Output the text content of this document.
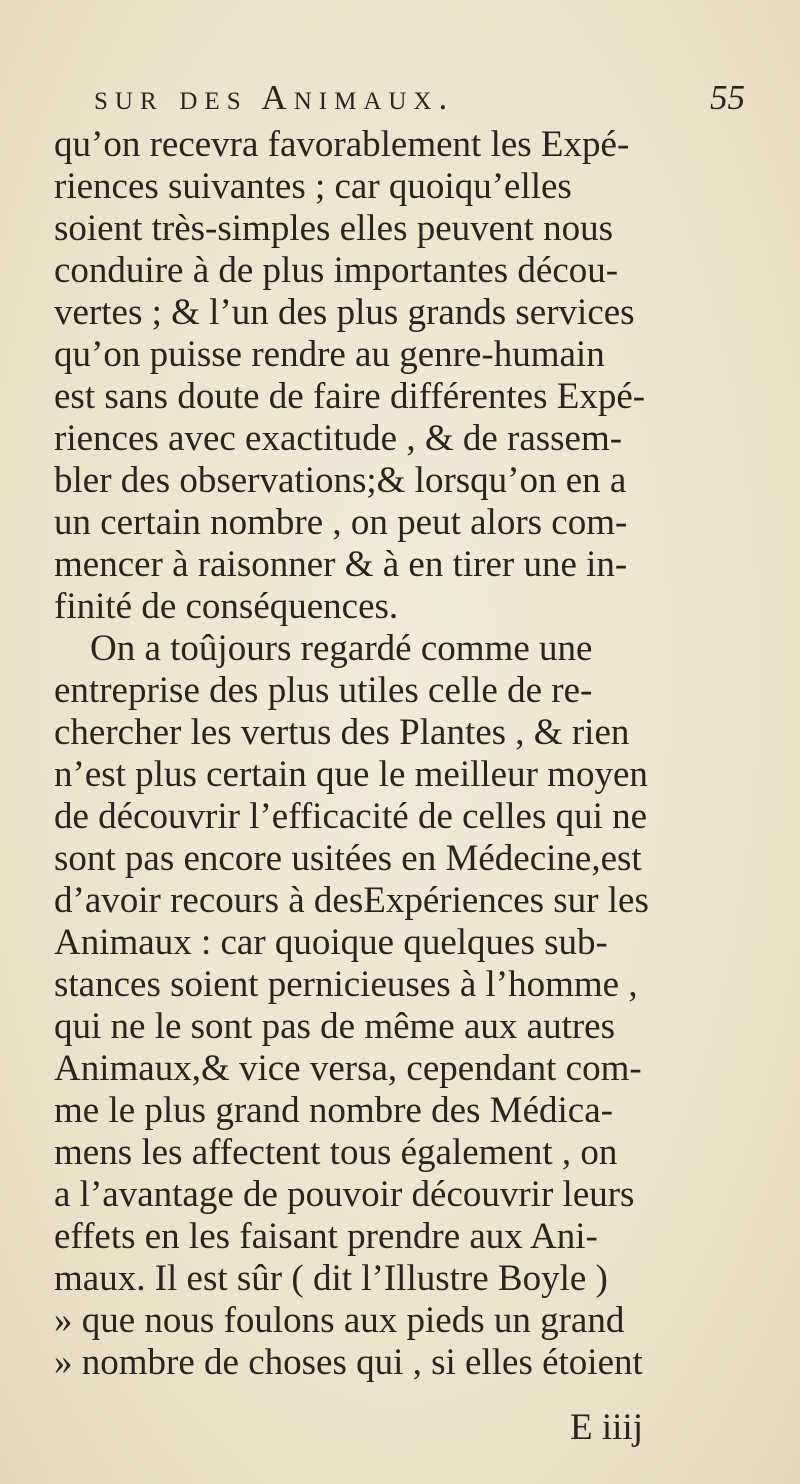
sur des Animaux.	55
qu’on recevra favorablement les Expé-
riences suivantes ; car quoiqu’elles
soient très-simples elles peuvent nous
conduire à de plus importantes décou-
vertes ; & l’un des plus grands services
qu’on puisse rendre au genre-humain
est sans doute de faire différentes Expé-
riences avec exactitude , & de rassem-
bler des observations;& lorsqu’on en a
un certain nombre , on peut alors com-
mencer à raisonner & à en tirer une in-
finité de conséquences.
On a toûjours regardé comme une
entreprise des plus utiles celle de re-
chercher les vertus des Plantes , & rien
n’est plus certain que le meilleur moyen
de découvrir l’efficacité de celles qui ne
sont pas encore usitées en Médecine,est
d’avoir recours à desExpériences sur les
Animaux : car quoique quelques sub-
stances soient pernicieuses à l’homme ,
qui ne le sont pas de même aux autres
Animaux,& vice versa, cependant com-
me le plus grand nombre des Médica-
mens les affectent tous également , on
a l’avantage de pouvoir découvrir leurs
effets en les faisant prendre aux Ani-
maux. Il est sûr ( dit l’Illustre Boyle )
» que nous foulons aux pieds un grand
» nombre de choses qui , si elles étoient
E iiij
